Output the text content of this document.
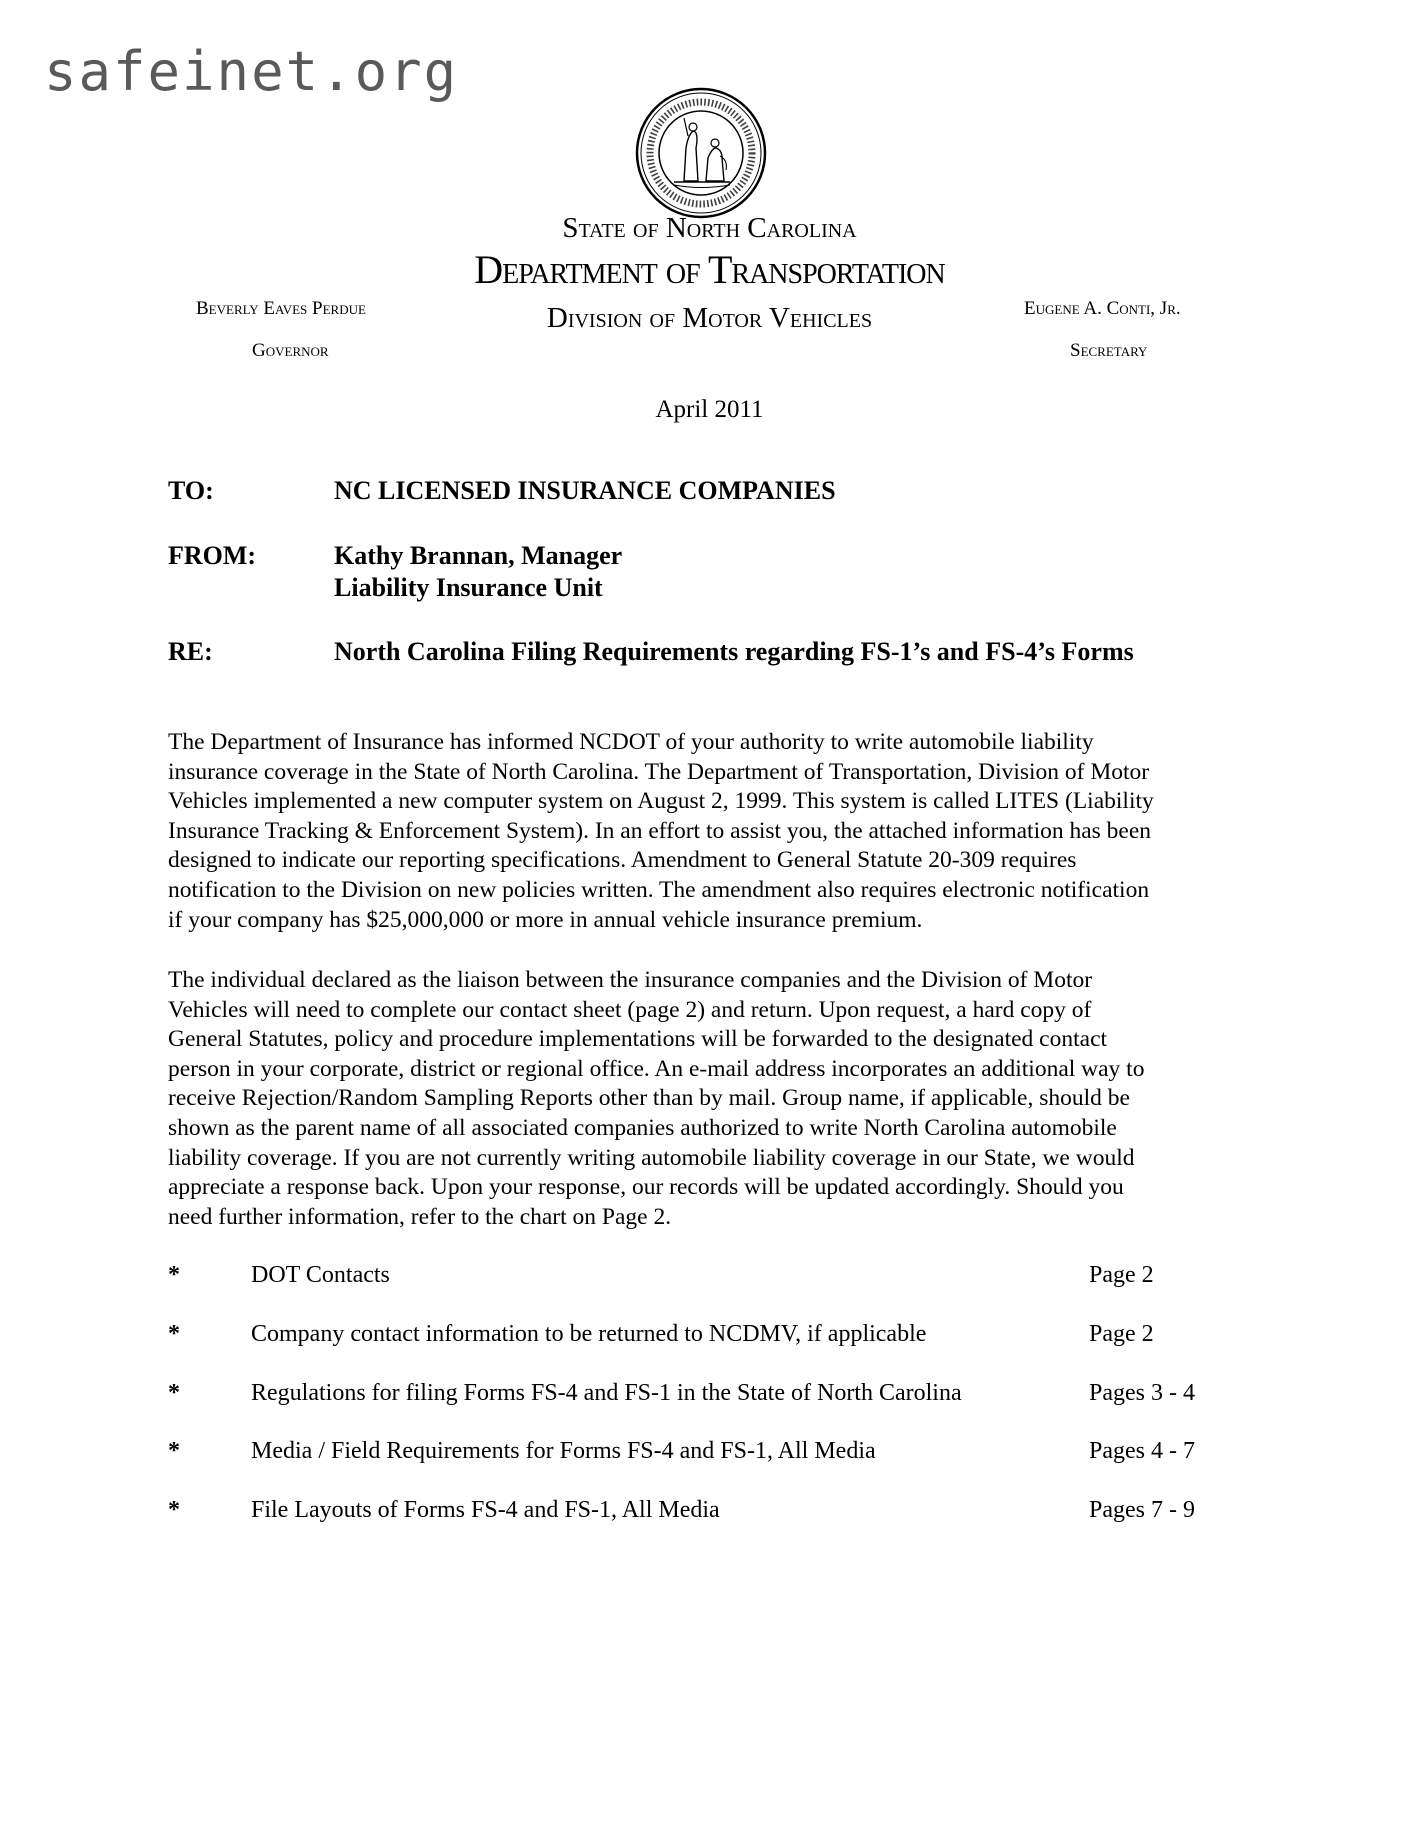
safeinet.org
State of North Carolina
Department of Transportation
Division of Motor Vehicles
Beverly Eaves Perdue
Governor
Eugene A. Conti, Jr.
Secretary
April 2011
TO:	NC LICENSED INSURANCE COMPANIES
FROM:	Kathy Brannan, Manager
Liability Insurance Unit
RE:	North Carolina Filing Requirements regarding FS-1’s and FS-4’s Forms

The Department of Insurance has informed NCDOT of your authority to write automobile liability

insurance coverage in the State of North Carolina. The Department of Transportation, Division of Motor

Vehicles implemented a new computer system on August 2, 1999. This system is called LITES (Liability

Insurance Tracking & Enforcement System). In an effort to assist you, the attached information has been

designed to indicate our reporting specifications. Amendment to General Statute 20-309 requires

notification to the Division on new policies written. The amendment also requires electronic notification

if your company has $25,000,000 or more in annual vehicle insurance premium.

The individual declared as the liaison between the insurance companies and the Division of Motor

Vehicles will need to complete our contact sheet (page 2) and return. Upon request, a hard copy of

General Statutes, policy and procedure implementations will be forwarded to the designated contact

person in your corporate, district or regional office. An e-mail address incorporates an additional way to

receive Rejection/Random Sampling Reports other than by mail. Group name, if applicable, should be

shown as the parent name of all associated companies authorized to write North Carolina automobile

liability coverage. If you are not currently writing automobile liability coverage in our State, we would

appreciate a response back. Upon your response, our records will be updated accordingly. Should you

need further information, refer to the chart on Page 2.

*	DOT Contacts	Page 2
*	Company contact information to be returned to NCDMV, if applicable	Page 2
*	Regulations for filing Forms FS-4 and FS-1 in the State of North Carolina	Pages 3 - 4
*	Media / Field Requirements for Forms FS-4 and FS-1, All Media	Pages 4 - 7
*	File Layouts of Forms FS-4 and FS-1, All Media	Pages 7 - 9
